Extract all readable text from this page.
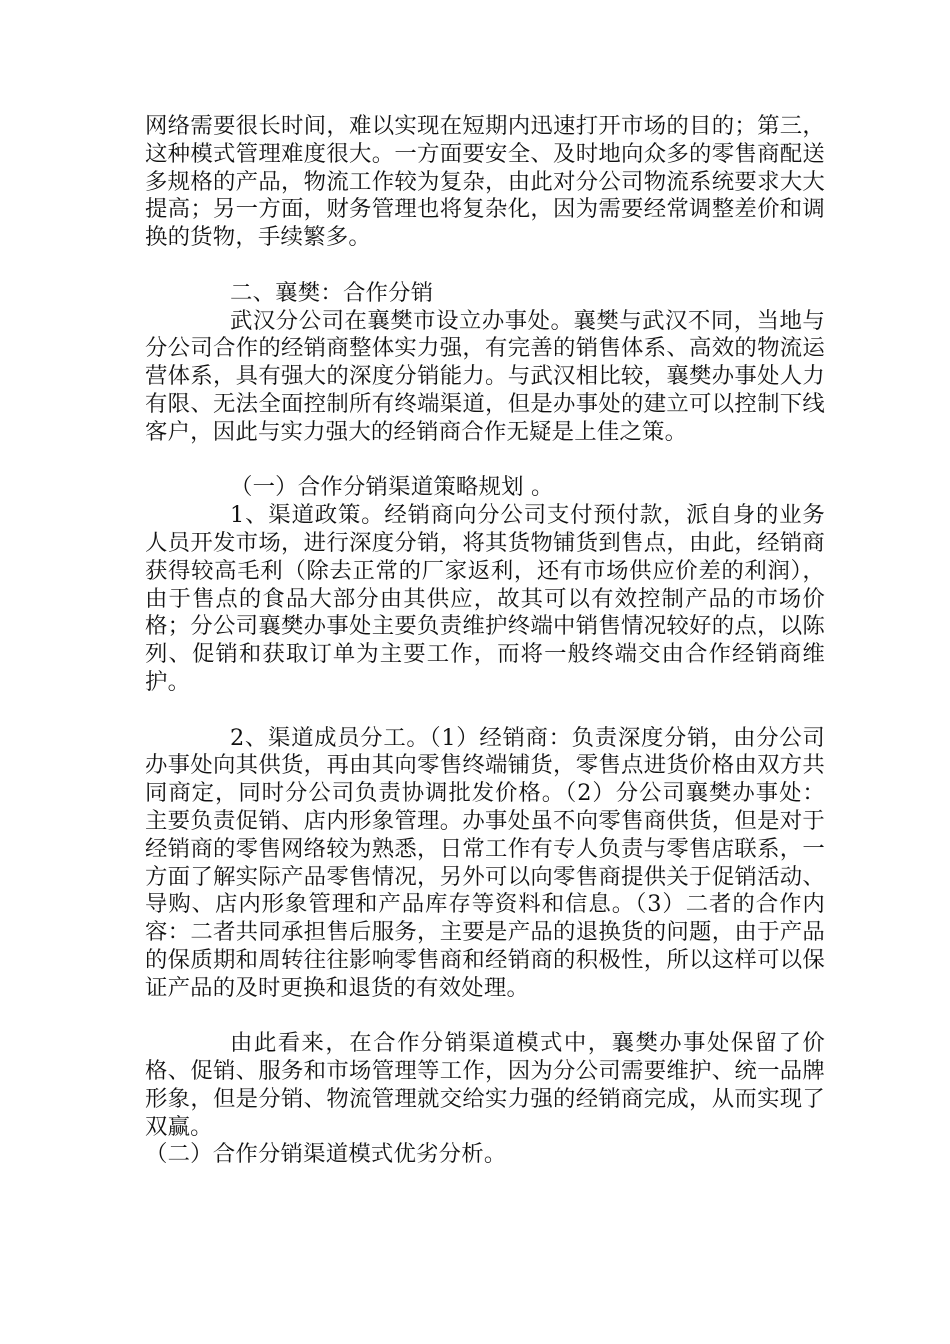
网络需要很长时间，难以实现在短期内迅速打开市场的目的；第三，这种模式管理难度很大。一方面要安全、及时地向众多的零售商配送多规格的产品，物流工作较为复杂，由此对分公司物流系统要求大大提高；另一方面，财务管理也将复杂化，因为需要经常调整差价和调换的货物，手续繁多。

二、襄樊：合作分销

武汉分公司在襄樊市设立办事处。襄樊与武汉不同，当地与分公司合作的经销商整体实力强，有完善的销售体系、高效的物流运营体系，具有强大的深度分销能力。与武汉相比较，襄樊办事处人力有限、无法全面控制所有终端渠道，但是办事处的建立可以控制下线客户，因此与实力强大的经销商合作无疑是上佳之策。

（一）合作分销渠道策略规划 。

1、渠道政策。经销商向分公司支付预付款，派自身的业务人员开发市场，进行深度分销，将其货物铺货到售点，由此，经销商获得较高毛利（除去正常的厂家返利，还有市场供应价差的利润），由于售点的食品大部分由其供应，故其可以有效控制产品的市场价格；分公司襄樊办事处主要负责维护终端中销售情况较好的点，以陈列、促销和获取订单为主要工作，而将一般终端交由合作经销商维护。

2、渠道成员分工。（1）经销商：负责深度分销，由分公司办事处向其供货，再由其向零售终端铺货，零售点进货价格由双方共同商定，同时分公司负责协调批发价格。（2）分公司襄樊办事处：主要负责促销、店内形象管理。办事处虽不向零售商供货，但是对于经销商的零售网络较为熟悉，日常工作有专人负责与零售店联系，一方面了解实际产品零售情况，另外可以向零售商提供关于促销活动、导购、店内形象管理和产品库存等资料和信息。（3）二者的合作内容：二者共同承担售后服务，主要是产品的退换货的问题，由于产品的保质期和周转往往影响零售商和经销商的积极性，所以这样可以保证产品的及时更换和退货的有效处理。

由此看来，在合作分销渠道模式中，襄樊办事处保留了价格、促销、服务和市场管理等工作，因为分公司需要维护、统一品牌形象，但是分销、物流管理就交给实力强的经销商完成，从而实现了双赢。

（二）合作分销渠道模式优劣分析。
